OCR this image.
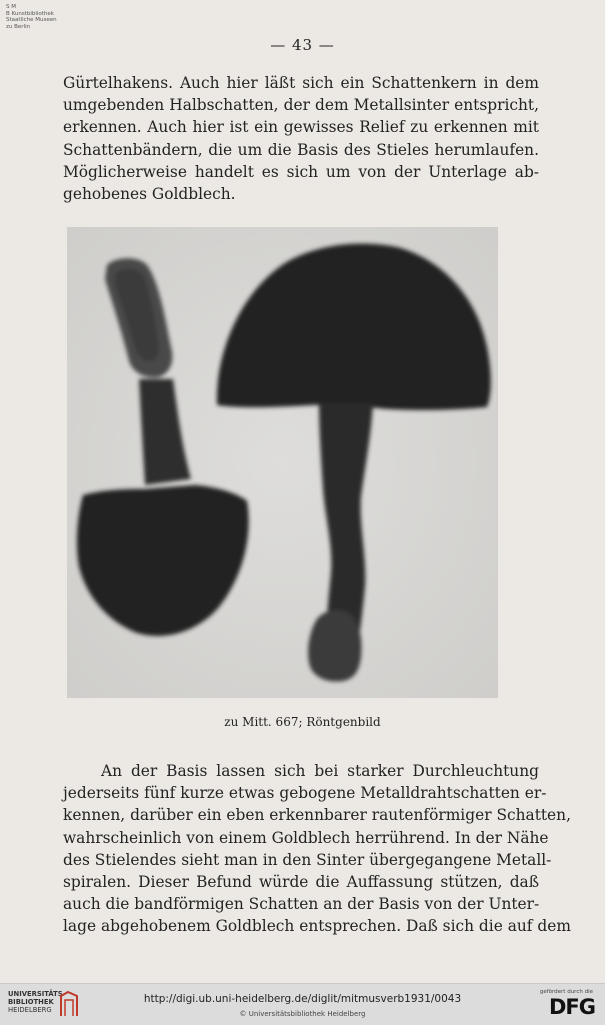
S M
B Kunstbibliothek
Staatliche Museen
zu Berlin
— 43 —
Gürtelhakens. Auch hier läßt sich ein Schattenkern in dem
umgebenden Halbschatten, der dem Metallsinter entspricht,
erkennen. Auch hier ist ein gewisses Relief zu erkennen mit
Schattenbändern, die um die Basis des Stieles herumlaufen.
Möglicherweise handelt es sich um von der Unterlage ab-
gehobenes Goldblech.
zu Mitt. 667; Röntgenbild
An der Basis lassen sich bei starker Durchleuchtung
jederseits fünf kurze etwas gebogene Metalldrahtschatten er-
kennen, darüber ein eben erkennbarer rautenförmiger Schatten,
wahrscheinlich von einem Goldblech herrührend. In der Nähe
des Stielendes sieht man in den Sinter übergegangene Metall-
spiralen. Dieser Befund würde die Auffassung stützen, daß
auch die bandförmigen Schatten an der Basis von der Unter-
lage abgehobenem Goldblech entsprechen. Daß sich die auf dem
UNIVERSITÄTS-
BIBLIOTHEK
HEIDELBERG
http://digi.ub.uni-heidelberg.de/diglit/mitmusverb1931/0043
© Universitätsbibliothek Heidelberg
gefördert durch die
DFG
